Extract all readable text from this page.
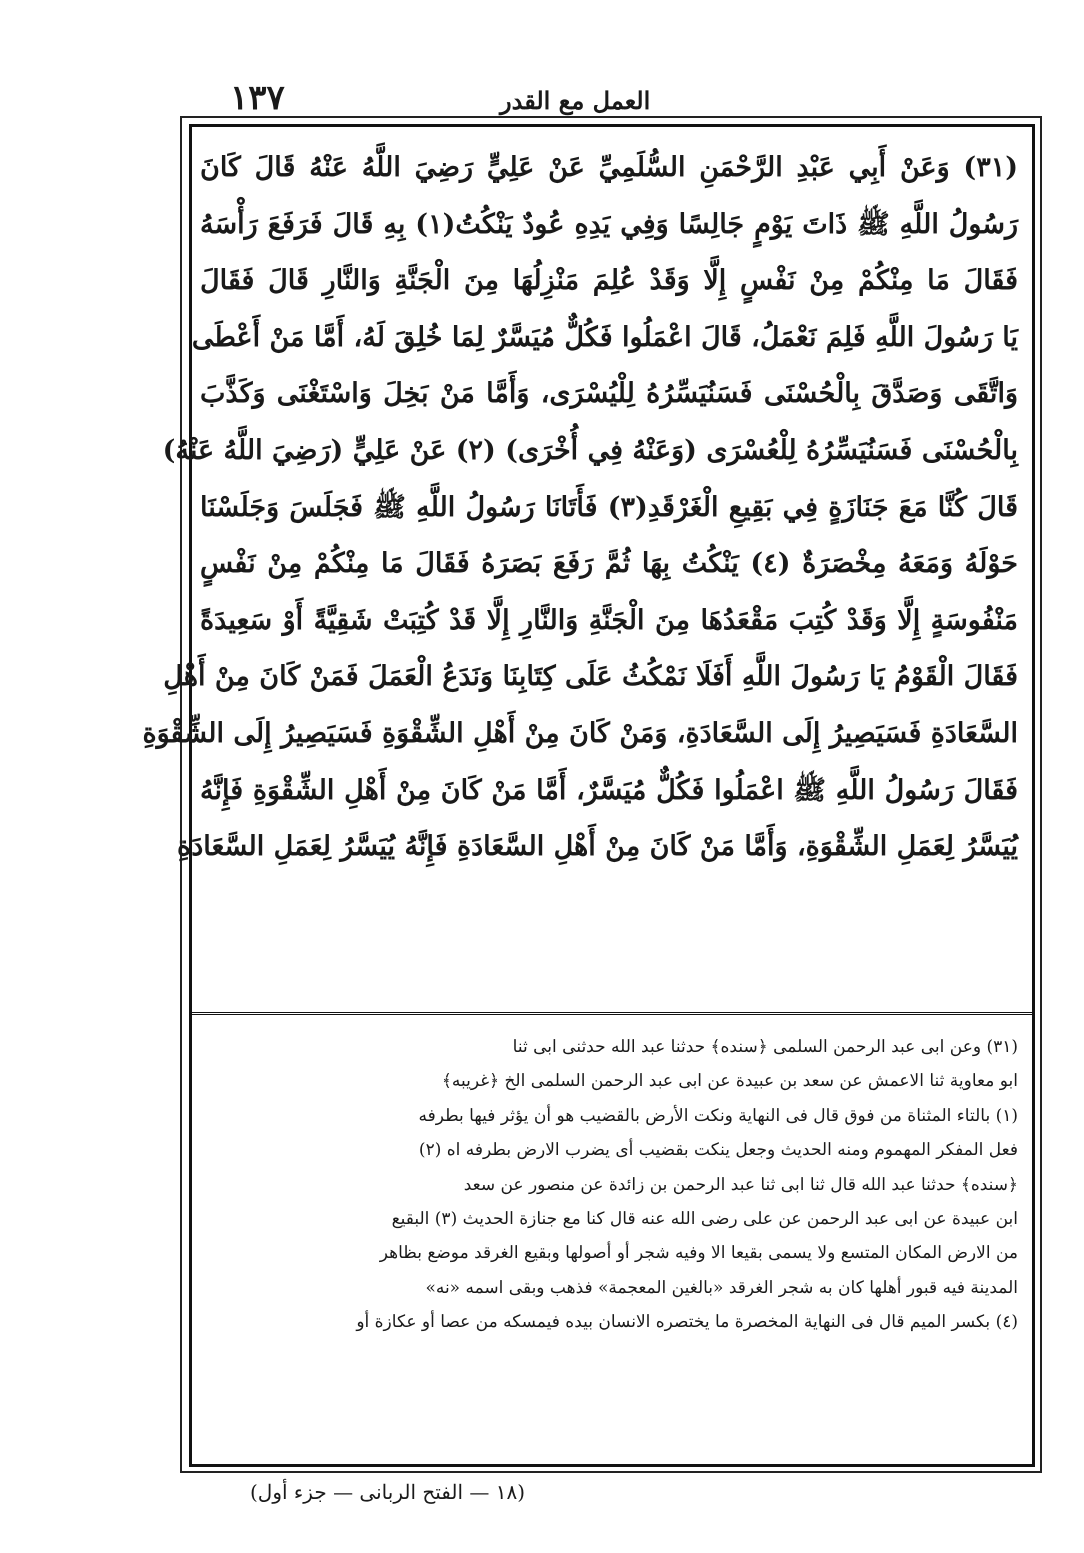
١٣٧	العمل مع القدر
(٣١) وَعَنْ أَبِي عَبْدِ الرَّحْمَنِ السُّلَمِيِّ عَنْ عَلِيٍّ رَضِيَ اللَّهُ عَنْهُ قَالَ كَانَ
رَسُولُ اللَّهِ ﷺ ذَاتَ يَوْمٍ جَالِسًا وَفِي يَدِهِ عُودٌ يَنْكُتُ(١) بِهِ قَالَ فَرَفَعَ رَأْسَهُ
فَقَالَ مَا مِنْكُمْ مِنْ نَفْسٍ إِلَّا وَقَدْ عُلِمَ مَنْزِلُهَا مِنَ الْجَنَّةِ وَالنَّارِ قَالَ فَقَالَ
يَا رَسُولَ اللَّهِ فَلِمَ نَعْمَلُ، قَالَ اعْمَلُوا فَكُلٌّ مُيَسَّرٌ لِمَا خُلِقَ لَهُ، أَمَّا مَنْ أَعْطَى
وَاتَّقَى وَصَدَّقَ بِالْحُسْنَى فَسَنُيَسِّرُهُ لِلْيُسْرَى، وَأَمَّا مَنْ بَخِلَ وَاسْتَغْنَى وَكَذَّبَ
بِالْحُسْنَى فَسَنُيَسِّرُهُ لِلْعُسْرَى (وَعَنْهُ فِي أُخْرَى) (٢) عَنْ عَلِيٍّ (رَضِيَ اللَّهُ عَنْهُ)
قَالَ كُنَّا مَعَ جَنَازَةٍ فِي بَقِيعِ الْغَرْقَدِ(٣) فَأَتَانَا رَسُولُ اللَّهِ ﷺ فَجَلَسَ وَجَلَسْنَا
حَوْلَهُ وَمَعَهُ مِخْصَرَةٌ (٤) يَنْكُتُ بِهَا ثُمَّ رَفَعَ بَصَرَهُ فَقَالَ مَا مِنْكُمْ مِنْ نَفْسٍ
مَنْفُوسَةٍ إِلَّا وَقَدْ كُتِبَ مَقْعَدُهَا مِنَ الْجَنَّةِ وَالنَّارِ إِلَّا قَدْ كُتِبَتْ شَقِيَّةً أَوْ سَعِيدَةً
فَقَالَ الْقَوْمُ يَا رَسُولَ اللَّهِ أَفَلَا نَمْكُثُ عَلَى كِتَابِنَا وَنَدَعُ الْعَمَلَ فَمَنْ كَانَ مِنْ أَهْلِ
السَّعَادَةِ فَسَيَصِيرُ إِلَى السَّعَادَةِ، وَمَنْ كَانَ مِنْ أَهْلِ الشِّقْوَةِ فَسَيَصِيرُ إِلَى الشِّقْوَةِ
فَقَالَ رَسُولُ اللَّهِ ﷺ اعْمَلُوا فَكُلٌّ مُيَسَّرٌ، أَمَّا مَنْ كَانَ مِنْ أَهْلِ الشِّقْوَةِ فَإِنَّهُ
يُيَسَّرُ لِعَمَلِ الشِّقْوَةِ، وَأَمَّا مَنْ كَانَ مِنْ أَهْلِ السَّعَادَةِ فَإِنَّهُ يُيَسَّرُ لِعَمَلِ السَّعَادَةِ
(٣١) وعن ابى عبد الرحمن السلمى ﴿سنده﴾ حدثنا عبد الله حدثنى ابى ثنا
ابو معاوية ثنا الاعمش عن سعد بن عبيدة عن ابى عبد الرحمن السلمى الخ ﴿غريبه﴾
(١) بالتاء المثناة من فوق قال فى النهاية ونكت الأرض بالقضيب هو أن يؤثر فيها بطرفه
فعل المفكر المهموم ومنه الحديث وجعل ينكت بقضيب أى يضرب الارض بطرفه اه (٢)
﴿سنده﴾ حدثنا عبد الله قال ثنا ابى ثنا عبد الرحمن بن زائدة عن منصور عن سعد
ابن عبيدة عن ابى عبد الرحمن عن على رضى الله عنه قال كنا مع جنازة الحديث (٣) البقيع
من الارض المكان المتسع ولا يسمى بقيعا الا وفيه شجر أو أصولها وبقيع الغرقد موضع بظاهر
المدينة فيه قبور أهلها كان به شجر الغرقد «بالغين المعجمة» فذهب وبقى اسمه «نه»
(٤) بكسر الميم قال فى النهاية المخصرة ما يختصره الانسان بيده فيمسكه من عصا أو عكازة أو
(١٨ — الفتح الربانى — جزء أول)
